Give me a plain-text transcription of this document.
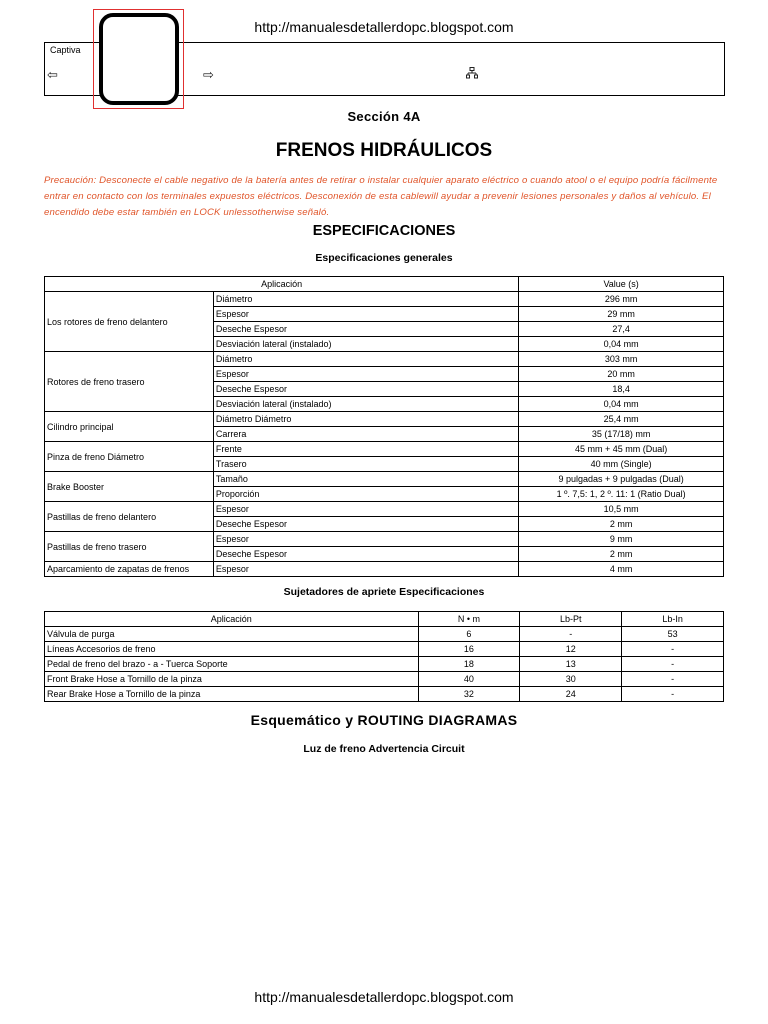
http://manualesdetallerdopc.blogspot.com
Captiva
⇦	⇨
Sección 4A
FRENOS HIDRÁULICOS
Precaución: Desconecte el cable negativo de la batería antes de retirar o instalar cualquier aparato eléctrico o cuando atool o el equipo podría fácilmente entrar en contacto con los terminales expuestos eléctricos. Desconexión de esta cablewill ayudar a prevenir lesiones personales y daños al vehículo. El encendido debe estar también en LOCK unlessotherwise señaló.
ESPECIFICACIONES
Especificaciones generales
Aplicación		Value (s)
Los rotores de freno delantero	Diámetro	296 mm
	Espesor	29 mm
	Deseche Espesor	27,4
	Desviación lateral (instalado)	0,04 mm
Rotores de freno trasero	Diámetro	303 mm
	Espesor	20 mm
	Deseche Espesor	18,4
	Desviación lateral (instalado)	0,04 mm
Cilindro principal	Diámetro Diámetro	25,4 mm
	Carrera	35 (17/18) mm
Pinza de freno Diámetro	Frente	45 mm + 45 mm (Dual)
	Trasero	40 mm (Single)
Brake Booster	Tamaño	9 pulgadas + 9 pulgadas (Dual)
	Proporción	1 º. 7,5: 1, 2 º. 11: 1 (Ratio Dual)
Pastillas de freno delantero	Espesor	10,5 mm
	Deseche Espesor	2 mm
Pastillas de freno trasero	Espesor	9 mm
	Deseche Espesor	2 mm
Aparcamiento de zapatas de frenos	Espesor	4 mm
Sujetadores de apriete Especificaciones
Aplicación	N • m	Lb-Pt	Lb-In
Válvula de purga	6	-	53
Líneas Accesorios de freno	16	12	-
Pedal de freno del brazo - a - Tuerca Soporte	18	13	-
Front Brake Hose a Tornillo de la pinza	40	30	-
Rear Brake Hose a Tornillo de la pinza	32	24	-
Esquemático y ROUTING DIAGRAMAS
Luz de freno Advertencia Circuit
http://manualesdetallerdopc.blogspot.com
